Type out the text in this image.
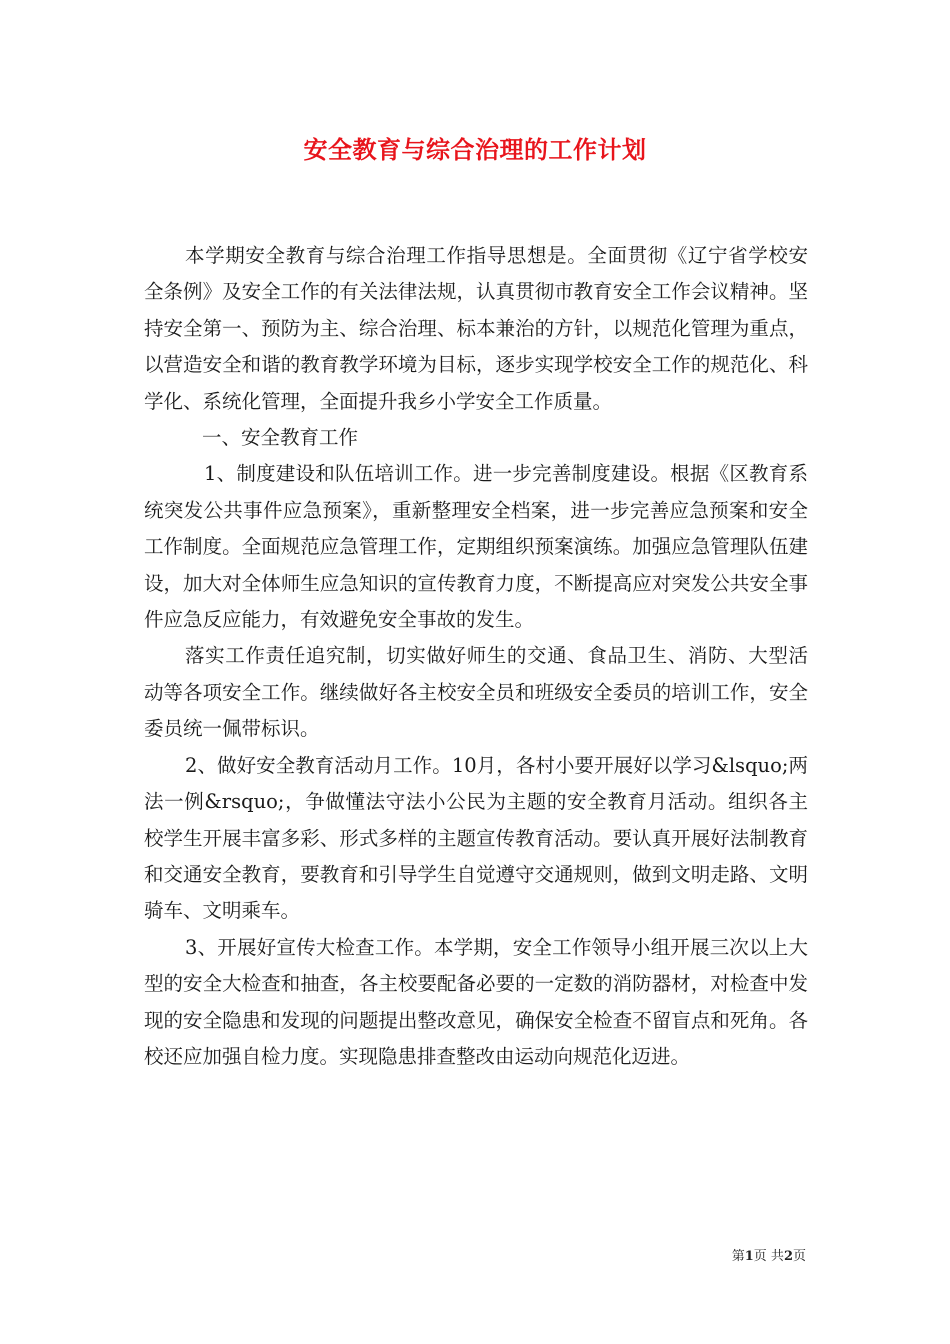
安全教育与综合治理的工作计划

本学期安全教育与综合治理工作指导思想是。全面贯彻《辽宁省学校安全条例》及安全工作的有关法律法规，认真贯彻市教育安全工作会议精神。坚持安全第一、预防为主、综合治理、标本兼治的方针，以规范化管理为重点，以营造安全和谐的教育教学环境为目标，逐步实现学校安全工作的规范化、科学化、系统化管理，全面提升我乡小学安全工作质量。

一、安全教育工作

1、制度建设和队伍培训工作。进一步完善制度建设。根据《区教育系统突发公共事件应急预案》，重新整理安全档案，进一步完善应急预案和安全工作制度。全面规范应急管理工作，定期组织预案演练。加强应急管理队伍建设，加大对全体师生应急知识的宣传教育力度，不断提高应对突发公共安全事件应急反应能力，有效避免安全事故的发生。

落实工作责任追究制，切实做好师生的交通、食品卫生、消防、大型活动等各项安全工作。继续做好各主校安全员和班级安全委员的培训工作，安全委员统一佩带标识。

2、做好安全教育活动月工作。10月，各村小要开展好以学习&lsquo;两法一例&rsquo;，争做懂法守法小公民为主题的安全教育月活动。组织各主校学生开展丰富多彩、形式多样的主题宣传教育活动。要认真开展好法制教育和交通安全教育，要教育和引导学生自觉遵守交通规则，做到文明走路、文明骑车、文明乘车。

3、开展好宣传大检查工作。本学期，安全工作领导小组开展三次以上大型的安全大检查和抽查，各主校要配备必要的一定数的消防器材，对检查中发现的安全隐患和发现的问题提出整改意见，确保安全检查不留盲点和死角。各校还应加强自检力度。实现隐患排查整改由运动向规范化迈进。

第1页 共2页
